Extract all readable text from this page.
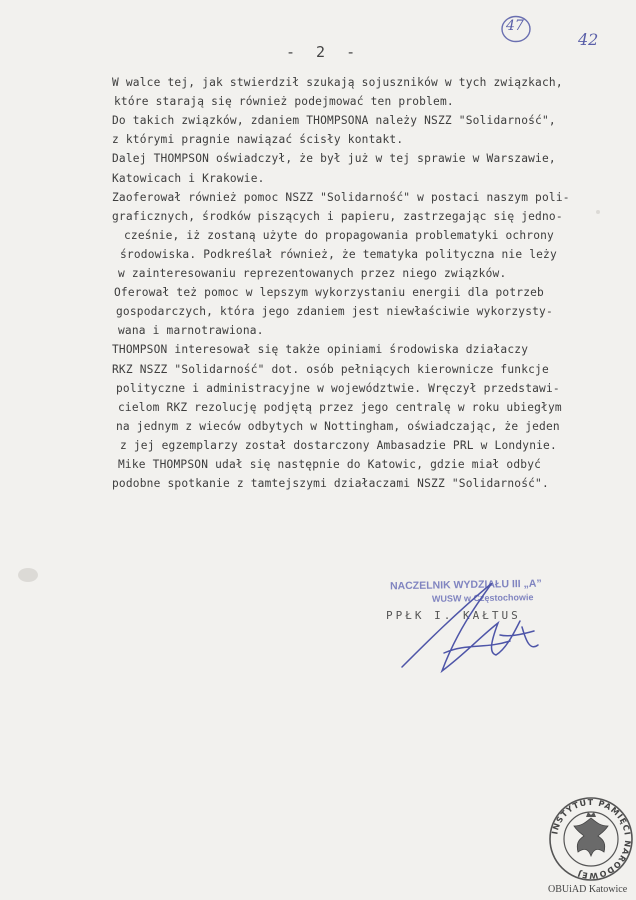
47
42
- 2 -
W walce tej, jak stwierdził szukają sojuszników w tych związkach,
które starają się również podejmować ten problem.
Do takich związków, zdaniem THOMPSONA należy NSZZ "Solidarność",
z którymi pragnie nawiązać ścisły kontakt.
Dalej THOMPSON oświadczył, że był już w tej sprawie w Warszawie,
Katowicach i Krakowie.
Zaoferował również pomoc NSZZ "Solidarność" w postaci naszym poli-
graficznych, środków piszących i papieru, zastrzegając się jedno-
cześnie, iż zostaną użyte do propagowania problematyki ochrony
środowiska. Podkreślał również, że tematyka polityczna nie leży
w zainteresowaniu reprezentowanych przez niego związków.
Oferował też pomoc w lepszym wykorzystaniu energii dla potrzeb
gospodarczych, która jego zdaniem jest niewłaściwie wykorzysty-
wana i marnotrawiona.
THOMPSON interesował się także opiniami środowiska działaczy
RKZ NSZZ "Solidarność" dot. osób pełniących kierownicze funkcje
polityczne i administracyjne w województwie. Wręczył przedstawi-
cielom RKZ rezolucję podjętą przez jego centralę w roku ubiegłym
na jednym z wieców odbytych w Nottingham, oświadczając, że jeden
z jej egzemplarzy został dostarczony Ambasadzie PRL w Londynie.
Mike THOMPSON udał się następnie do Katowic, gdzie miał odbyć
podobne spotkanie z tamtejszymi działaczami NSZZ "Solidarność".
NACZELNIK WYDZIAŁU III „A”
WUSW w Częstochowie
PPŁK I. KAŁTUS
INSTYTUT PAMIĘCI NARODOWEJ
OBUiAD Katowice
